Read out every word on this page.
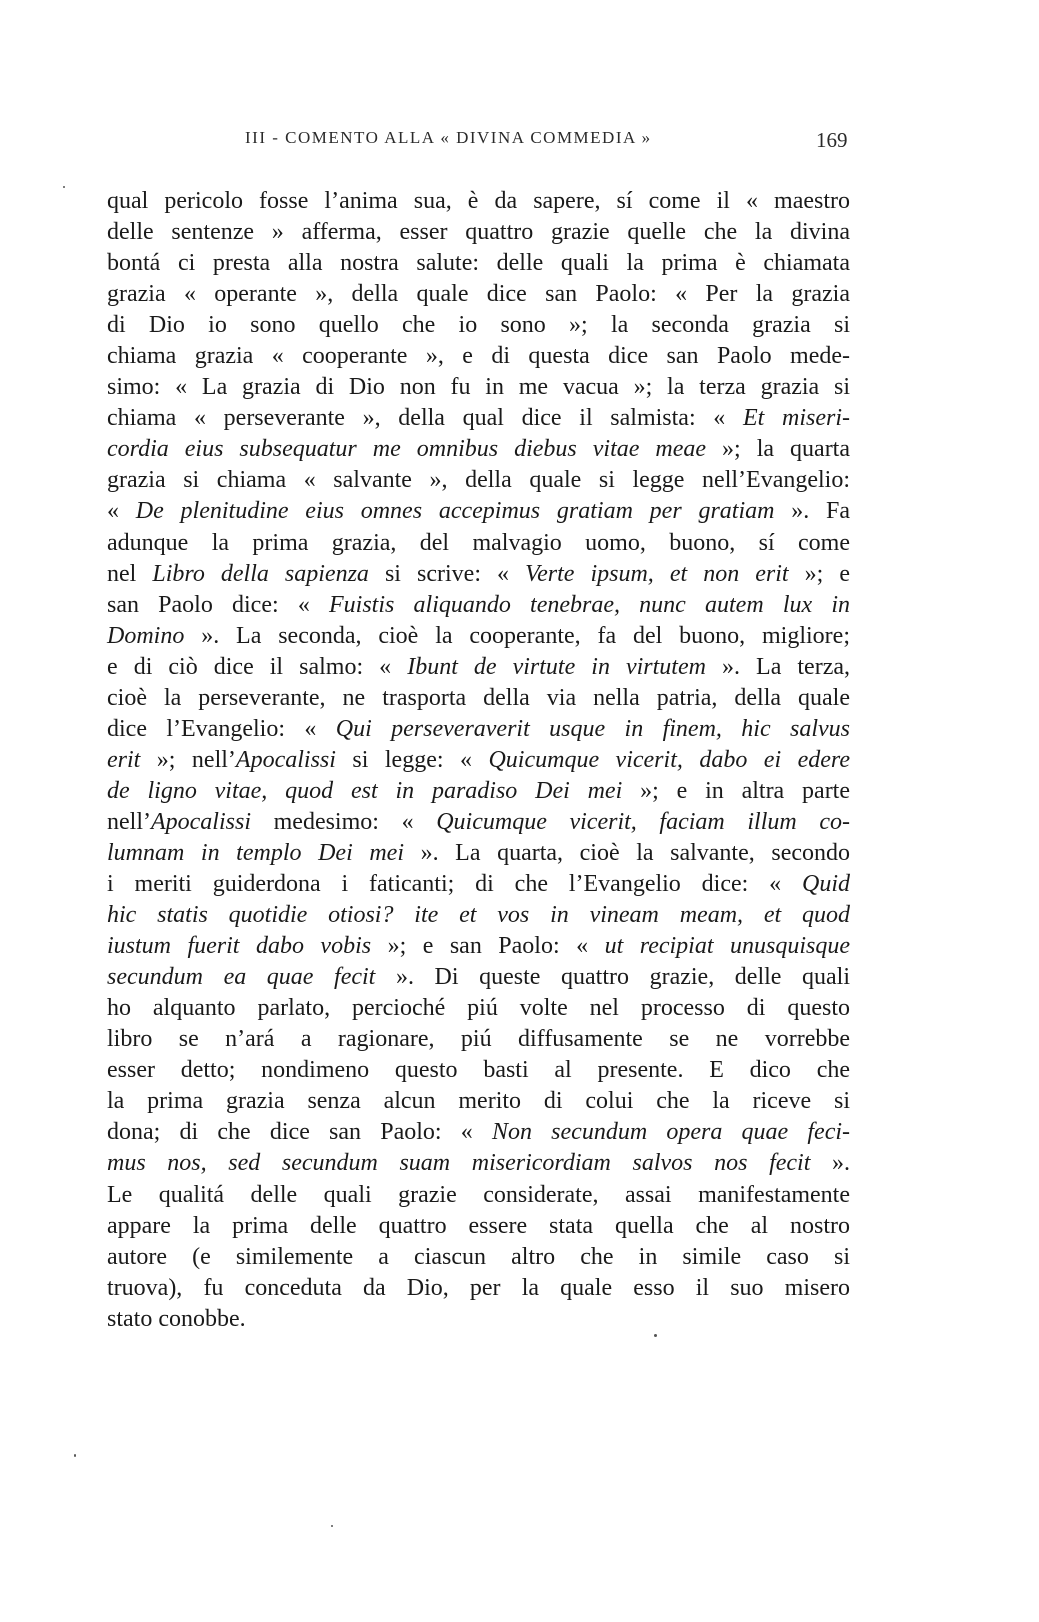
III - COMENTO ALLA « DIVINA COMMEDIA »	169
qual pericolo fosse l’anima sua, è da sapere, sí come il « maestro
delle sentenze » afferma, esser quattro grazie quelle che la divina
bontá ci presta alla nostra salute: delle quali la prima è chiamata
grazia « operante », della quale dice san Paolo: « Per la grazia
di Dio io sono quello che io sono »; la seconda grazia si
chiama grazia « cooperante », e di questa dice san Paolo mede-
simo: « La grazia di Dio non fu in me vacua »; la terza grazia si
chiama « perseverante », della qual dice il salmista: « Et miseri-
cordia eius subsequatur me omnibus diebus vitae meae »; la quarta
grazia si chiama « salvante », della quale si legge nell’Evangelio:
« De plenitudine eius omnes accepimus gratiam per gratiam ». Fa
adunque la prima grazia, del malvagio uomo, buono, sí come
nel Libro della sapienza si scrive: « Verte ipsum, et non erit »; e
san Paolo dice: « Fuistis aliquando tenebrae, nunc autem lux in
Domino ». La seconda, cioè la cooperante, fa del buono, migliore;
e di ciò dice il salmo: « Ibunt de virtute in virtutem ». La terza,
cioè la perseverante, ne trasporta della via nella patria, della quale
dice l’Evangelio: « Qui perseveraverit usque in finem, hic salvus
erit »; nell’Apocalissi si legge: « Quicumque vicerit, dabo ei edere
de ligno vitae, quod est in paradiso Dei mei »; e in altra parte
nell’Apocalissi medesimo: « Quicumque vicerit, faciam illum co-
lumnam in templo Dei mei ». La quarta, cioè la salvante, secondo
i meriti guiderdona i faticanti; di che l’Evangelio dice: « Quid
hic statis quotidie otiosi? ite et vos in vineam meam, et quod
iustum fuerit dabo vobis »; e san Paolo: « ut recipiat unusquisque
secundum ea quae fecit ». Di queste quattro grazie, delle quali
ho alquanto parlato, percioché piú volte nel processo di questo
libro se n’ará a ragionare, piú diffusamente se ne vorrebbe
esser detto; nondimeno questo basti al presente. E dico che
la prima grazia senza alcun merito di colui che la riceve si
dona; di che dice san Paolo: « Non secundum opera quae feci-
mus nos, sed secundum suam misericordiam salvos nos fecit ».
Le qualitá delle quali grazie considerate, assai manifestamente
appare la prima delle quattro essere stata quella che al nostro
autore (e similemente a ciascun altro che in simile caso si
truova), fu conceduta da Dio, per la quale esso il suo misero
stato conobbe.
